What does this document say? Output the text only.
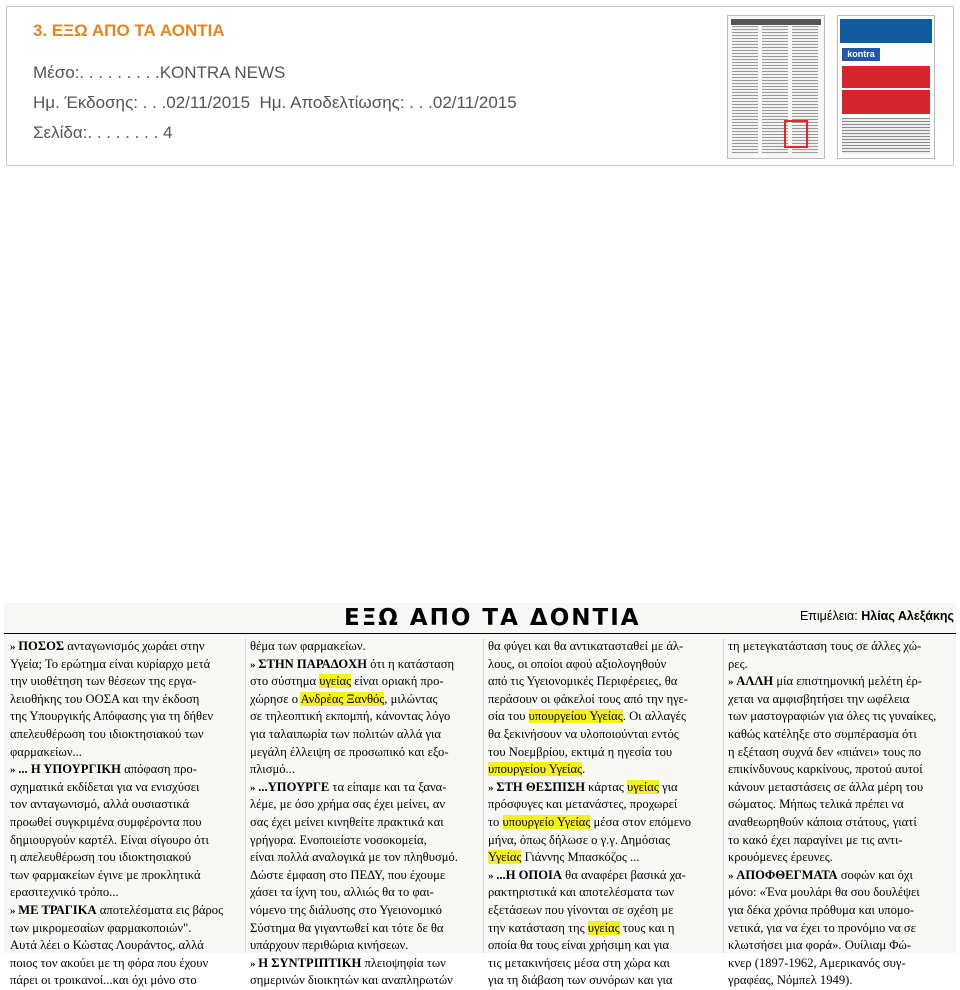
3. ΕΞΩ ΑΠΟ ΤΑ ΑΟΝΤΙΑ
Μέσο:. . . . . . . . .KONTRA NEWS
Ημ. Έκδοσης: . . .02/11/2015  Ημ. Αποδελτίωσης: . . .02/11/2015
Σελίδα:. . . . . . . . 4
kontra
ΕΞΩ ΑΠΟ ΤΑ ΔΟΝΤΙΑ	Επιμέλεια: Ηλίας Αλεξάκης
» ΠΟΣΟΣ ανταγωνισμός χωράει στην
Υγεία; Το ερώτημα είναι κυρίαρχο μετά
την υιοθέτηση των θέσεων της εργα-
λειοθήκης του ΟΟΣΑ και την έκδοση
της Υπουργικής Απόφασης για τη δήθεν
απελευθέρωση του ιδιοκτησιακού των
φαρμακείων...
» ... Η ΥΠΟΥΡΓΙΚΗ απόφαση προ-
σχηματικά εκδίδεται για να ενισχύσει
τον ανταγωνισμό, αλλά ουσιαστικά
προωθεί συγκριμένα συμφέροντα που
δημιουργούν καρτέλ. Είναι σίγουρο ότι
η απελευθέρωση του ιδιοκτησιακού
των φαρμακείων έγινε με προκλητικά
ερασιτεχνικό τρόπο...
» ΜΕ ΤΡΑΓΙΚΑ αποτελέσματα εις βάρος
των μικρομεσαίων φαρμακοποιών".
Αυτά λέει ο Κώστας Λουράντος, αλλά
ποιος τον ακούει με τη φόρα που έχουν
πάρει οι τροικανοί...και όχι μόνο στο
θέμα των φαρμακείων.
» ΣΤΗΝ ΠΑΡΑΔΟΧΗ ότι η κατάσταση
στο σύστημα υγείας είναι οριακή προ-
χώρησε ο Ανδρέας Ξανθός, μιλώντας
σε τηλεοπτική εκπομπή, κάνοντας λόγο
για ταλαιπωρία των πολιτών αλλά για
μεγάλη έλλειψη σε προσωπικό και εξο-
πλισμό...
» ...ΥΠΟΥΡΓΕ τα είπαμε και τα ξανα-
λέμε, με όσο χρήμα σας έχει μείνει, αν
σας έχει μείνει κινηθείτε πρακτικά και
γρήγορα. Ενοποιείστε νοσοκομεία,
είναι πολλά αναλογικά με τον πληθυσμό.
Δώστε έμφαση στο ΠΕΔΥ, που έχουμε
χάσει τα ίχνη του, αλλιώς θα το φαι-
νόμενο της διάλυσης στο Υγειονομικό
Σύστημα θα γιγαντωθεί και τότε δε θα
υπάρχουν περιθώρια κινήσεων.
» Η ΣΥΝΤΡΙΠΤΙΚΗ πλειοψηφία των
σημερινών διοικητών και αναπληρωτών
θα φύγει και θα αντικατασταθεί με άλ-
λους, οι οποίοι αφού αξιολογηθούν
από τις Υγειονομικές Περιφέρειες, θα
περάσουν οι φάκελοί τους από την ηγε-
σία του υπουργείου Υγείας. Οι αλλαγές
θα ξεκινήσουν να υλοποιούνται εντός
του Νοεμβρίου, εκτιμά η ηγεσία του
υπουργείου Υγείας.
» ΣΤΗ ΘΕΣΠΙΣΗ κάρτας υγείας για
πρόσφυγες και μετανάστες, προχωρεί
το υπουργείο Υγείας μέσα στον επόμενο
μήνα, όπως δήλωσε ο γ.γ. Δημόσιας
Υγείας Γιάννης Μπασκόζος ...
» ...Η ΟΠΟΙΑ θα αναφέρει βασικά χα-
ρακτηριστικά και αποτελέσματα των
εξετάσεων που γίνονται σε σχέση με
την κατάσταση της υγείας τους και η
οποία θα τους είναι χρήσιμη και για
τις μετακινήσεις μέσα στη χώρα και
για τη διάβαση των συνόρων και για
τη μετεγκατάσταση τους σε άλλες χώ-
ρες.
» ΑΛΛΗ μία επιστημονική μελέτη έρ-
χεται να αμφισβητήσει την ωφέλεια
των μαστογραφιών για όλες τις γυναίκες,
καθώς κατέληξε στο συμπέρασμα ότι
η εξέταση συχνά δεν «πιάνει» τους πο
επικίνδυνους καρκίνους, προτού αυτοί
κάνουν μεταστάσεις σε άλλα μέρη του
σώματος. Μήπως τελικά πρέπει να
αναθεωρηθούν κάποια στάτους, γιατί
το κακό έχει παραγίνει με τις αντι-
κρουόμενες έρευνες.
» ΑΠΟΦΘΕΓΜΑΤΑ σοφών και όχι
μόνο: «Ένα μουλάρι θα σου δουλέψει
για δέκα χρόνια πρόθυμα και υπομο-
νετικά, για να έχει το προνόμιο να σε
κλωτσήσει μια φορά». Ουίλιαμ Φώ-
κνερ (1897-1962, Αμερικανός συγ-
γραφέας, Νόμπελ 1949).
